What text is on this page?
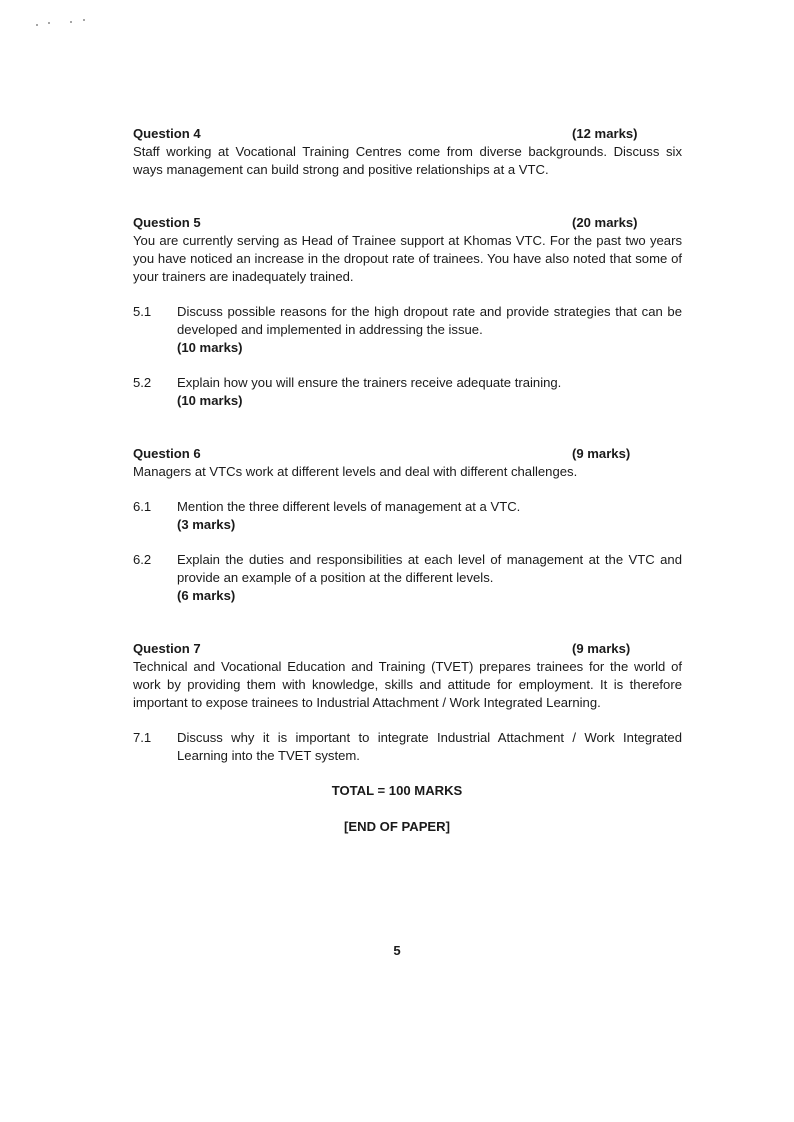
Question 4	(12 marks)
Staff working at Vocational Training Centres come from diverse backgrounds. Discuss six ways management can build strong and positive relationships at a VTC.
Question 5	(20 marks)
You are currently serving as Head of Trainee support at Khomas VTC. For the past two years you have noticed an increase in the dropout rate of trainees. You have also noted that some of your trainers are inadequately trained.
5.1	Discuss possible reasons for the high dropout rate and provide strategies that can be developed and implemented in addressing the issue.
(10 marks)
5.2	Explain how you will ensure the trainers receive adequate training.
(10 marks)
Question 6	(9 marks)
Managers at VTCs work at different levels and deal with different challenges.
6.1	Mention the three different levels of management at a VTC.
(3 marks)
6.2	Explain the duties and responsibilities at each level of management at the VTC and provide an example of a position at the different levels.
(6 marks)
Question 7	(9 marks)
Technical and Vocational Education and Training (TVET) prepares trainees for the world of work by providing them with knowledge, skills and attitude for employment. It is therefore important to expose trainees to Industrial Attachment / Work Integrated Learning.
7.1	Discuss why it is important to integrate Industrial Attachment / Work Integrated Learning into the TVET system.
TOTAL = 100 MARKS
[END OF PAPER]
5
